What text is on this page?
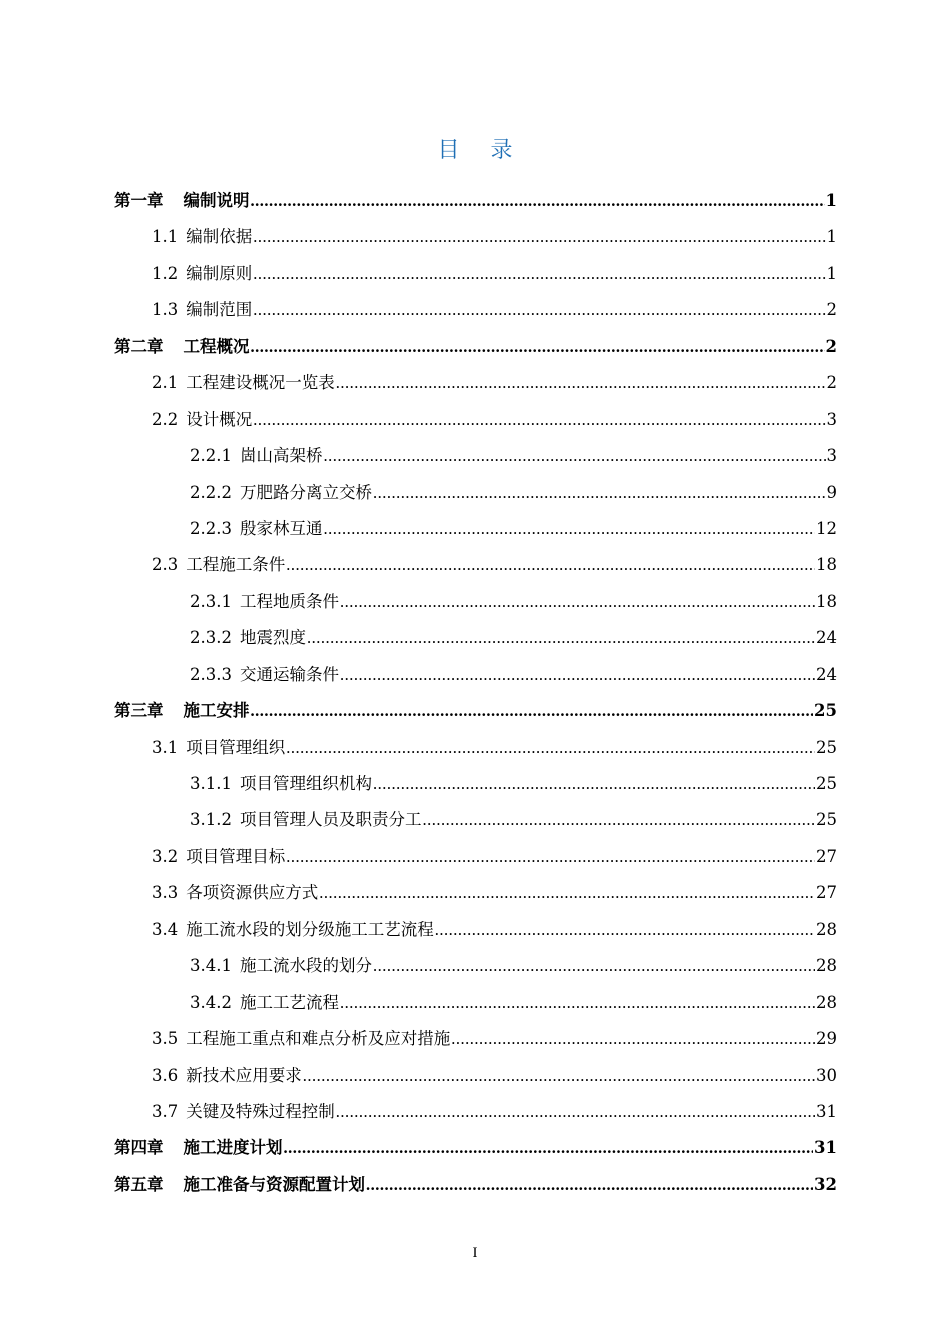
目 录
第一章 编制说明 .....	1
1.1 编制依据 .....	1
1.2 编制原则 .....	1
1.3 编制范围 .....	2
第二章 工程概况 .....	2
2.1 工程建设概况一览表 .....	2
2.2 设计概况 .....	3
2.2.1 崮山高架桥 .....	3
2.2.2 万肥路分离立交桥 .....	9
2.2.3 殷家林互通 .....	12
2.3 工程施工条件 .....	18
2.3.1 工程地质条件 .....	18
2.3.2 地震烈度 .....	24
2.3.3 交通运输条件 .....	24
第三章 施工安排 .....	25
3.1 项目管理组织 .....	25
3.1.1 项目管理组织机构 .....	25
3.1.2 项目管理人员及职责分工 .....	25
3.2 项目管理目标 .....	27
3.3 各项资源供应方式 .....	27
3.4 施工流水段的划分级施工工艺流程 .....	28
3.4.1 施工流水段的划分 .....	28
3.4.2 施工工艺流程 .....	28
3.5 工程施工重点和难点分析及应对措施 .....	29
3.6 新技术应用要求 .....	30
3.7 关键及特殊过程控制 .....	31
第四章 施工进度计划 .....	31
第五章 施工准备与资源配置计划 .....	32
I
